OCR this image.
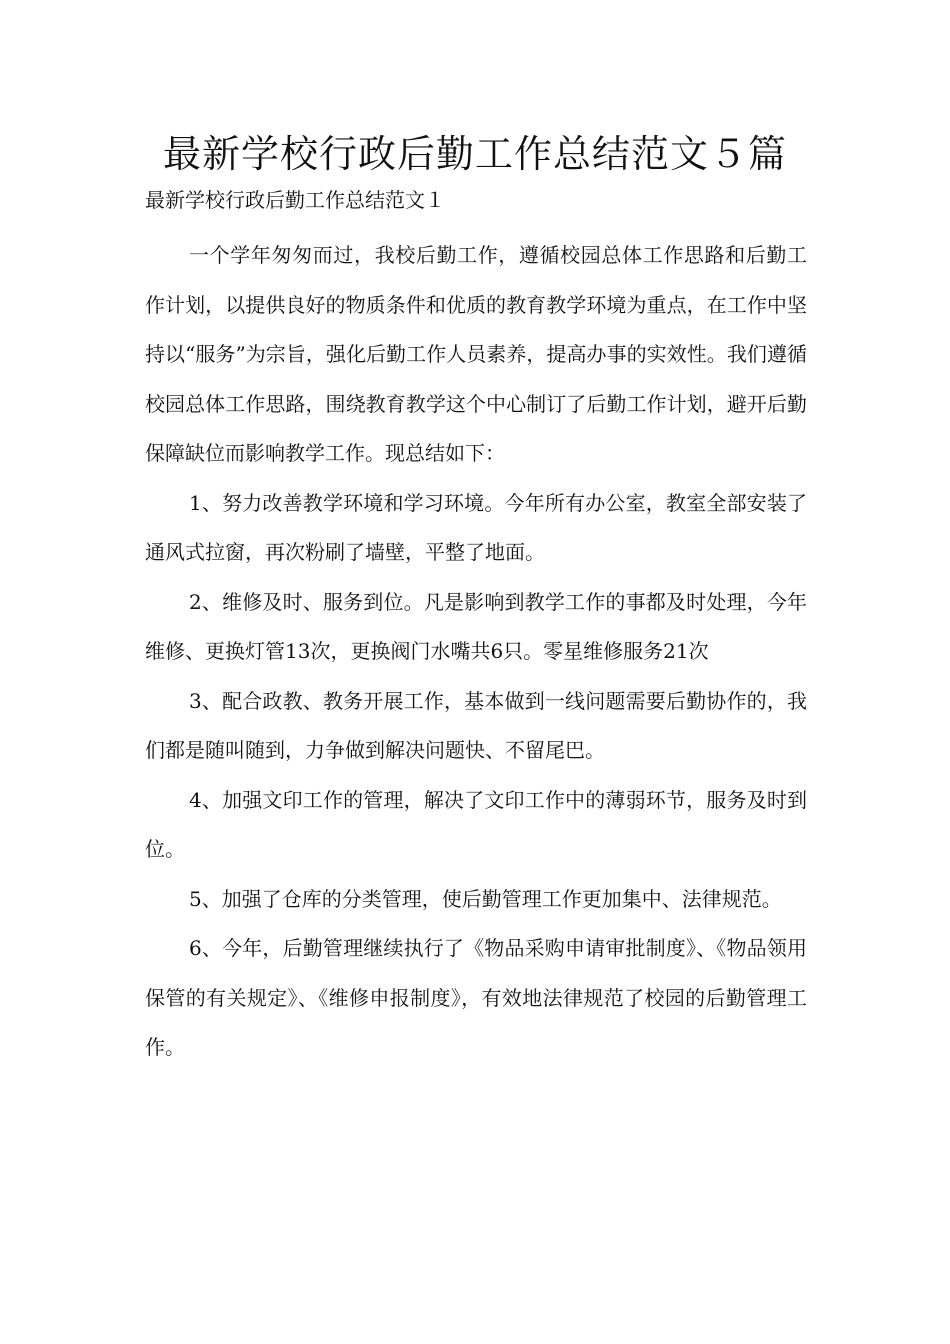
最新学校行政后勤工作总结范文５篇

最新学校行政后勤工作总结范文１

一个学年匆匆而过，我校后勤工作，遵循校园总体工作思路和后勤工作计划，以提供良好的物质条件和优质的教育教学环境为重点，在工作中坚持以“服务”为宗旨，强化后勤工作人员素养，提高办事的实效性。我们遵循校园总体工作思路，围绕教育教学这个中心制订了后勤工作计划，避开后勤保障缺位而影响教学工作。现总结如下：

1、努力改善教学环境和学习环境。今年所有办公室，教室全部安装了通风式拉窗，再次粉刷了墙壁，平整了地面。

2、维修及时、服务到位。凡是影响到教学工作的事都及时处理，今年维修、更换灯管13次，更换阀门水嘴共6只。零星维修服务21次

3、配合政教、教务开展工作，基本做到一线问题需要后勤协作的，我们都是随叫随到，力争做到解决问题快、不留尾巴。

4、加强文印工作的管理，解决了文印工作中的薄弱环节，服务及时到位。

5、加强了仓库的分类管理，使后勤管理工作更加集中、法律规范。

6、今年，后勤管理继续执行了《物品采购申请审批制度》、《物品领用保管的有关规定》、《维修申报制度》，有效地法律规范了校园的后勤管理工作。
